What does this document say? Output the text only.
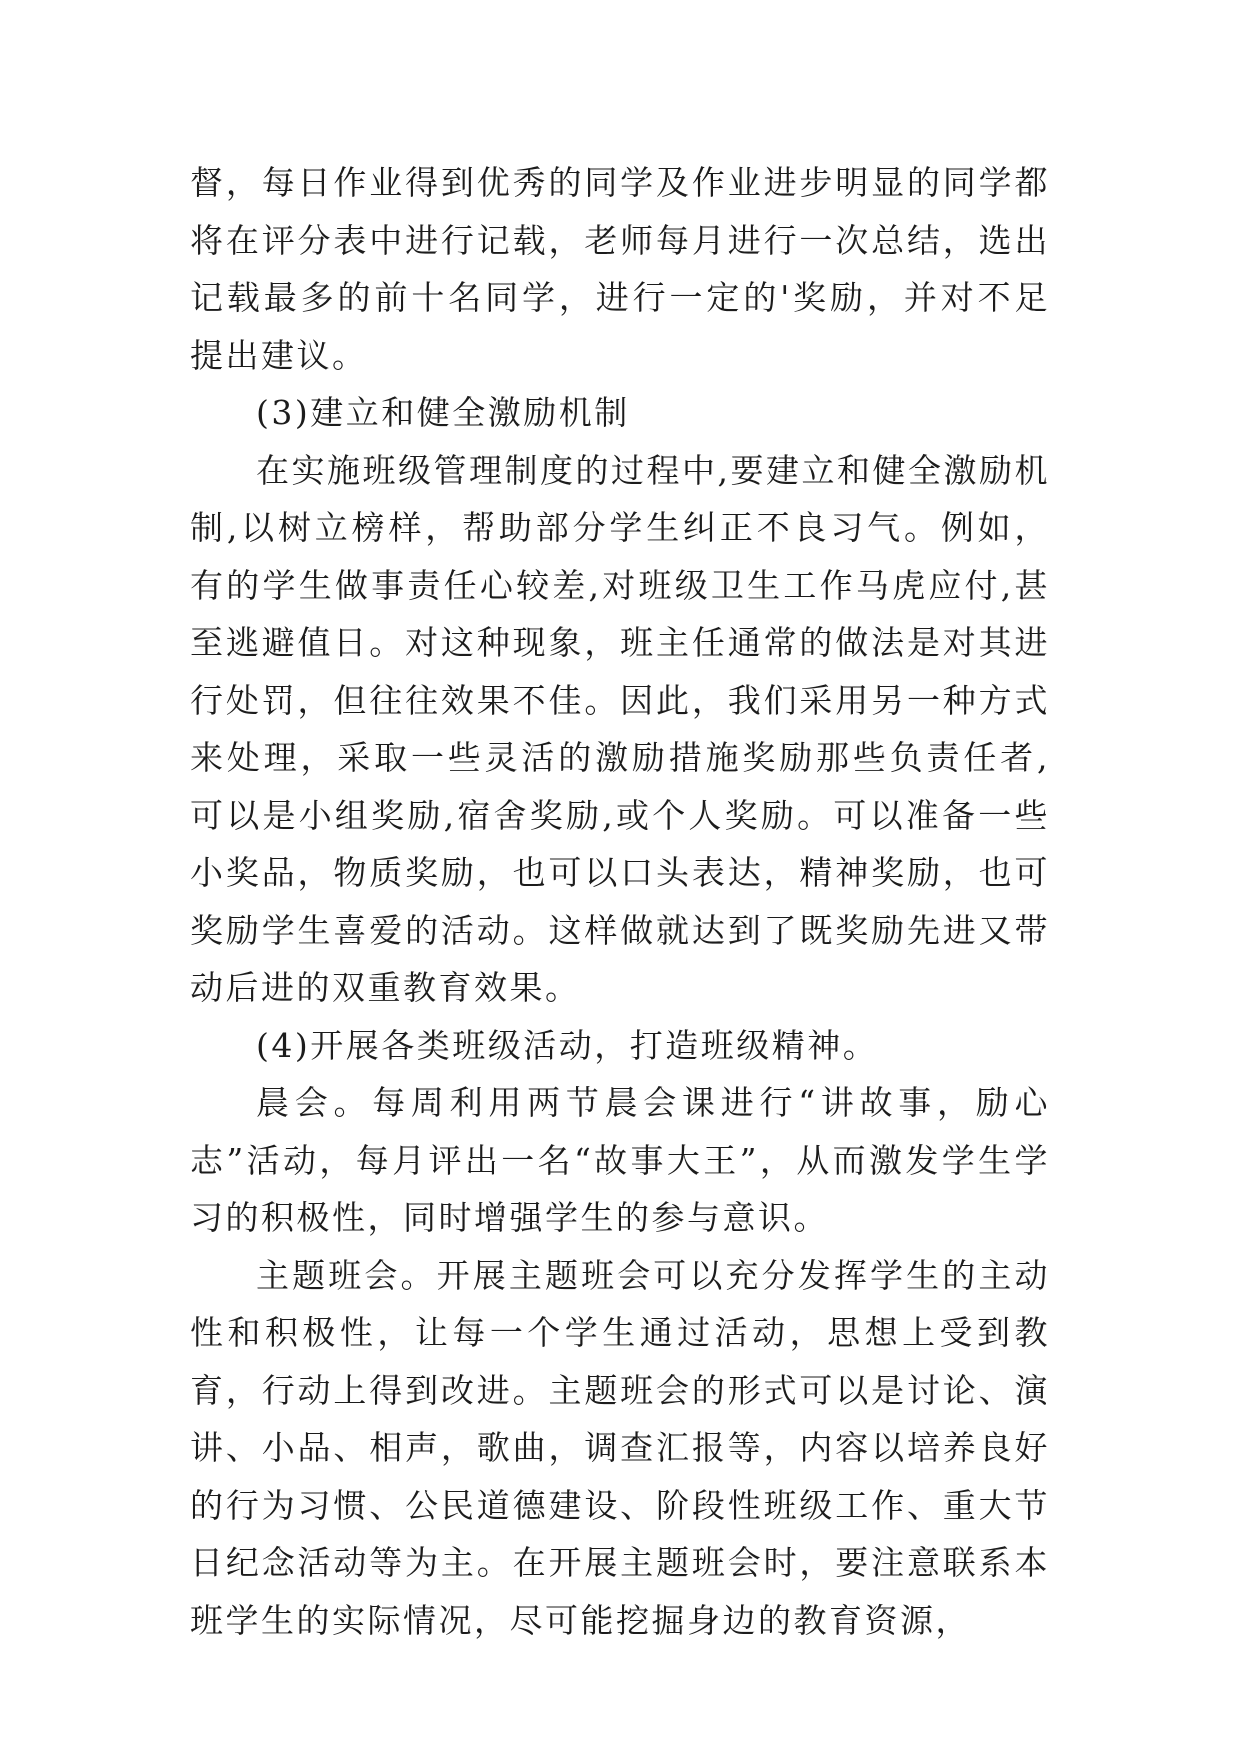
督，每日作业得到优秀的同学及作业进步明显的同学都将在评分表中进行记载，老师每月进行一次总结，选出记载最多的前十名同学，进行一定的'奖励，并对不足提出建议。

(3)建立和健全激励机制

在实施班级管理制度的过程中,要建立和健全激励机制,以树立榜样，帮助部分学生纠正不良习气。例如，有的学生做事责任心较差,对班级卫生工作马虎应付,甚至逃避值日。对这种现象，班主任通常的做法是对其进行处罚，但往往效果不佳。因此，我们采用另一种方式来处理，采取一些灵活的激励措施奖励那些负责任者,可以是小组奖励,宿舍奖励,或个人奖励。可以准备一些小奖品，物质奖励，也可以口头表达，精神奖励，也可奖励学生喜爱的活动。这样做就达到了既奖励先进又带动后进的双重教育效果。

(4)开展各类班级活动，打造班级精神。

晨会。每周利用两节晨会课进行“讲故事，励心志”活动，每月评出一名“故事大王”，从而激发学生学习的积极性，同时增强学生的参与意识。

主题班会。开展主题班会可以充分发挥学生的主动性和积极性，让每一个学生通过活动，思想上受到教育，行动上得到改进。主题班会的形式可以是讨论、演讲、小品、相声，歌曲，调查汇报等，内容以培养良好的行为习惯、公民道德建设、阶段性班级工作、重大节日纪念活动等为主。在开展主题班会时，要注意联系本班学生的实际情况，尽可能挖掘身边的教育资源，
